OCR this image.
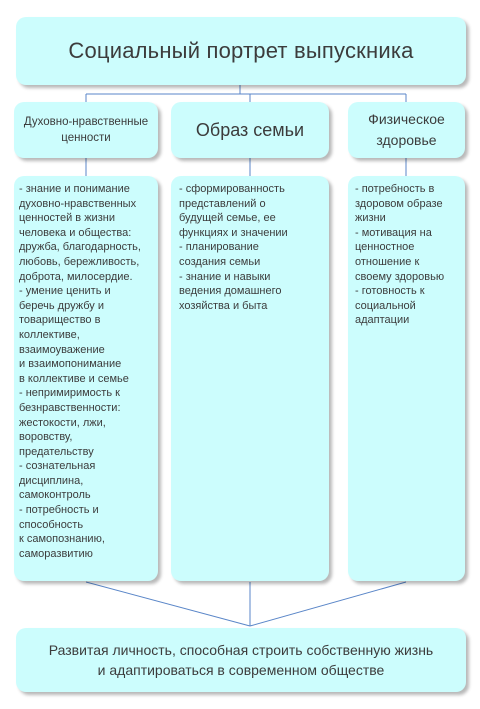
Социальный портрет выпускника
Духовно-нравственные
ценности	Образ семьи
Физическое
здоровье
- знание и понимание
духовно-нравственных
ценностей в жизни
человека и общества:
дружба, благодарность,
любовь, бережливость,
доброта, милосердие.
- умение ценить и
беречь дружбу и
товарищество в
коллективе,
взаимоуважение
и взаимопонимание
в коллективе и семье
- непримиримость к
безнравственности:
жестокости, лжи,
воровству,
предательству
- сознательная
дисциплина,
самоконтроль
- потребность и
способность
к самопознанию,
саморазвитию
- сформированность
представлений о
будущей семье, ее
функциях и значении
- планирование
создания семьи
- знание и навыки
ведения домашнего
хозяйства и быта
- потребность в
здоровом образе
жизни
- мотивация на
ценностное
отношение к
своему здоровью
- готовность к
социальной
адаптации
Развитая личность, способная строить собственную жизнь
и адаптироваться в современном обществе
